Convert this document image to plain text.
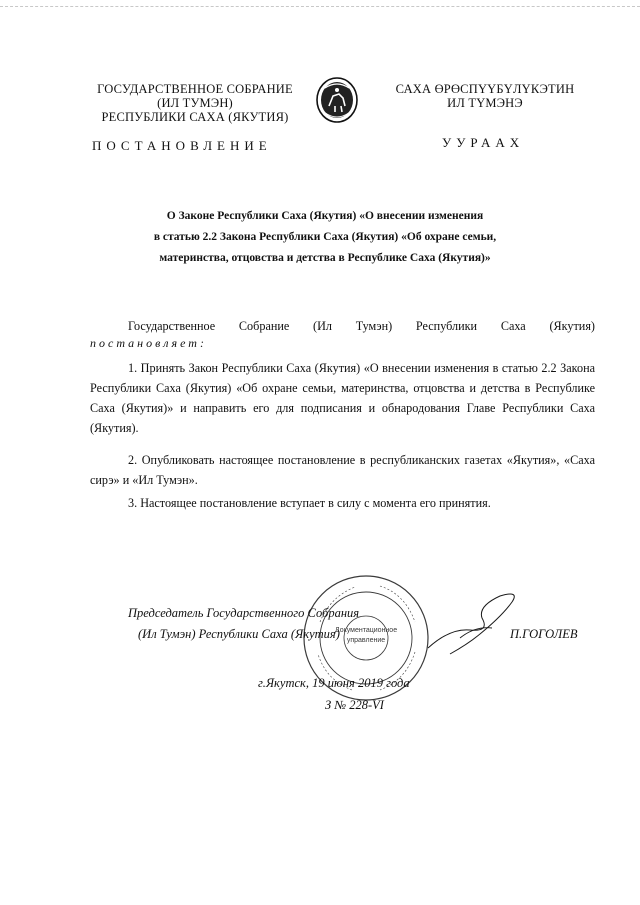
ГОСУДАРСТВЕННОЕ СОБРАНИЕ
(ИЛ ТУМЭН)
РЕСПУБЛИКИ САХА (ЯКУТИЯ)
САХА ӨРӨСПҮҮБҮЛҮКЭТИН
ИЛ ТҮМЭНЭ
ПОСТАНОВЛЕНИЕ	УУРААХ
О Законе Республики Саха (Якутия) «О внесении изменения
в статью 2.2 Закона Республики Саха (Якутия) «Об охране семьи,
материнства, отцовства и детства в Республике Саха (Якутия)»
Государственное Собрание (Ил Тумэн) Республики Саха (Якутия)
постановляет:
1. Принять Закон Республики Саха (Якутия) «О внесении изменения в статью 2.2 Закона Республики Саха (Якутия) «Об охране семьи, материнства, отцовства и детства в Республике Саха (Якутия)» и направить его для подписания и обнародования Главе Республики Саха (Якутия).
2. Опубликовать настоящее постановление в республиканских газетах «Якутия», «Саха сирэ» и «Ил Тумэн».
3. Настоящее постановление вступает в силу с момента его принятия.
Документационное
управление
Председатель Государственного Собрания
(Ил Тумэн) Республики Саха (Якутия)	П.ГОГОЛЕВ
г.Якутск, 19 июня 2019 года
З № 228-VI
